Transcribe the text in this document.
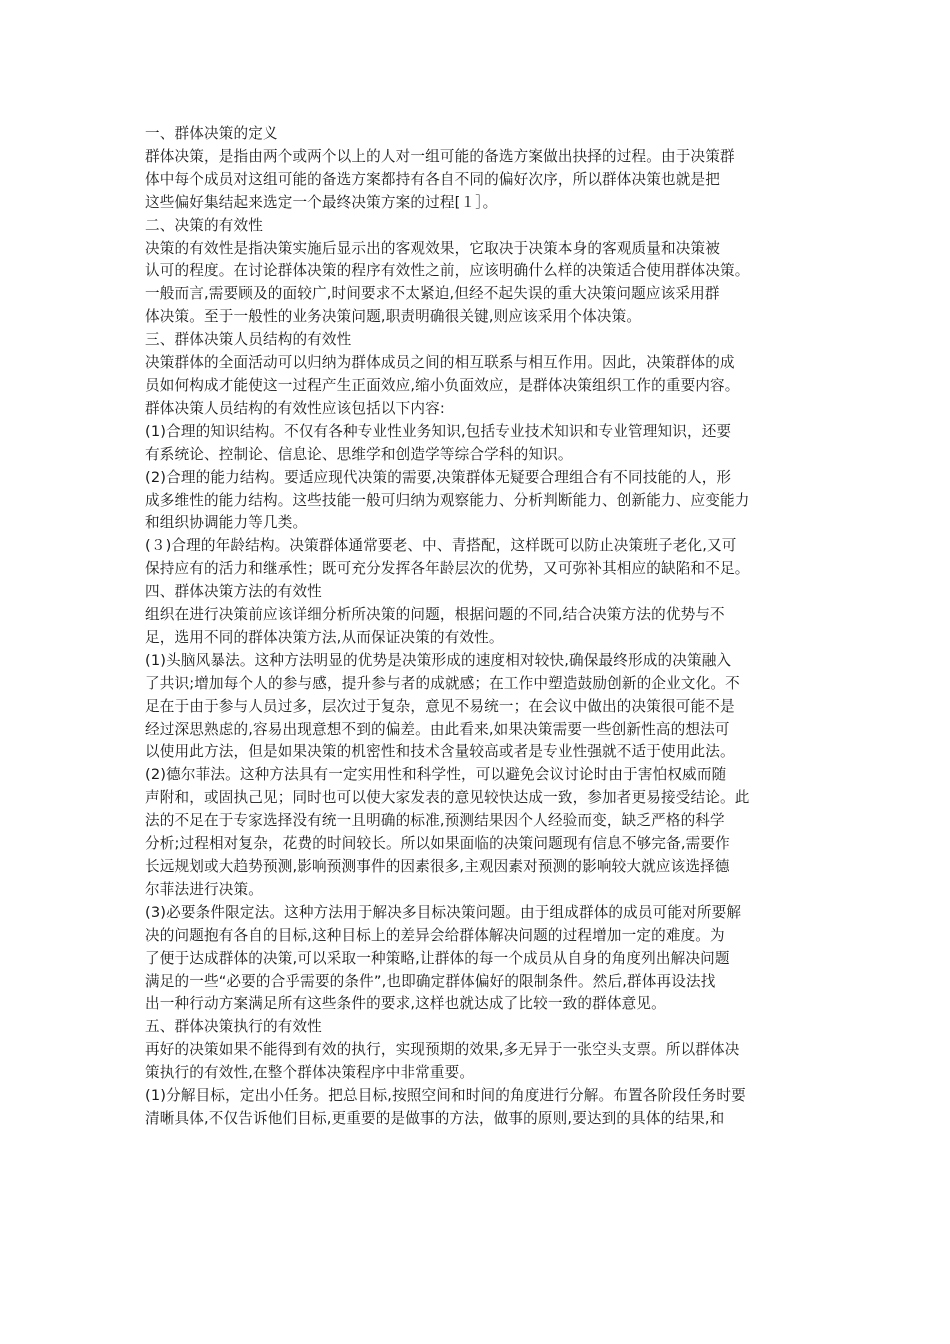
一、群体决策的定义
群体决策，是指由两个或两个以上的人对一组可能的备选方案做出抉择的过程。由于决策群
体中每个成员对这组可能的备选方案都持有各自不同的偏好次序，所以群体决策也就是把
这些偏好集结起来选定一个最终决策方案的过程[１］。
二、决策的有效性
决策的有效性是指决策实施后显示出的客观效果，它取决于决策本身的客观质量和决策被
认可的程度。在讨论群体决策的程序有效性之前，应该明确什么样的决策适合使用群体决策。
一般而言,需要顾及的面较广,时间要求不太紧迫,但经不起失误的重大决策问题应该采用群
体决策。至于一般性的业务决策问题,职责明确很关键,则应该采用个体决策。
三、群体决策人员结构的有效性
决策群体的全面活动可以归纳为群体成员之间的相互联系与相互作用。因此，决策群体的成
员如何构成才能使这一过程产生正面效应,缩小负面效应，是群体决策组织工作的重要内容。
群体决策人员结构的有效性应该包括以下内容:
(1)合理的知识结构。不仅有各种专业性业务知识,包括专业技术知识和专业管理知识，还要
有系统论、控制论、信息论、思维学和创造学等综合学科的知识。
(2)合理的能力结构。要适应现代决策的需要,决策群体无疑要合理组合有不同技能的人，形
成多维性的能力结构。这些技能一般可归纳为观察能力、分析判断能力、创新能力、应变能力
和组织协调能力等几类。
(３)合理的年龄结构。决策群体通常要老、中、青搭配，这样既可以防止决策班子老化,又可
保持应有的活力和继承性；既可充分发挥各年龄层次的优势，又可弥补其相应的缺陷和不足。
四、群体决策方法的有效性
组织在进行决策前应该详细分析所决策的问题，根据问题的不同,结合决策方法的优势与不
足，选用不同的群体决策方法,从而保证决策的有效性。
(1)头脑风暴法。这种方法明显的优势是决策形成的速度相对较快,确保最终形成的决策融入
了共识;增加每个人的参与感，提升参与者的成就感；在工作中塑造鼓励创新的企业文化。不
足在于由于参与人员过多，层次过于复杂，意见不易统一；在会议中做出的决策很可能不是
经过深思熟虑的,容易出现意想不到的偏差。由此看来,如果决策需要一些创新性高的想法可
以使用此方法，但是如果决策的机密性和技术含量较高或者是专业性强就不适于使用此法。
(2)德尔菲法。这种方法具有一定实用性和科学性，可以避免会议讨论时由于害怕权威而随
声附和，或固执己见；同时也可以使大家发表的意见较快达成一致，参加者更易接受结论。此
法的不足在于专家选择没有统一且明确的标准,预测结果因个人经验而变，缺乏严格的科学
分析;过程相对复杂，花费的时间较长。所以如果面临的决策问题现有信息不够完备,需要作
长远规划或大趋势预测,影响预测事件的因素很多,主观因素对预测的影响较大就应该选择德
尔菲法进行决策。
(3)必要条件限定法。这种方法用于解决多目标决策问题。由于组成群体的成员可能对所要解
决的问题抱有各自的目标,这种目标上的差异会给群体解决问题的过程增加一定的难度。为
了便于达成群体的决策,可以采取一种策略,让群体的每一个成员从自身的角度列出解决问题
满足的一些“必要的合乎需要的条件”,也即确定群体偏好的限制条件。然后,群体再设法找
出一种行动方案满足所有这些条件的要求,这样也就达成了比较一致的群体意见。
五、群体决策执行的有效性
再好的决策如果不能得到有效的执行，实现预期的效果,多无异于一张空头支票。所以群体决
策执行的有效性,在整个群体决策程序中非常重要。
(1)分解目标，定出小任务。把总目标,按照空间和时间的角度进行分解。布置各阶段任务时要
清晰具体,不仅告诉他们目标,更重要的是做事的方法，做事的原则,要达到的具体的结果,和
